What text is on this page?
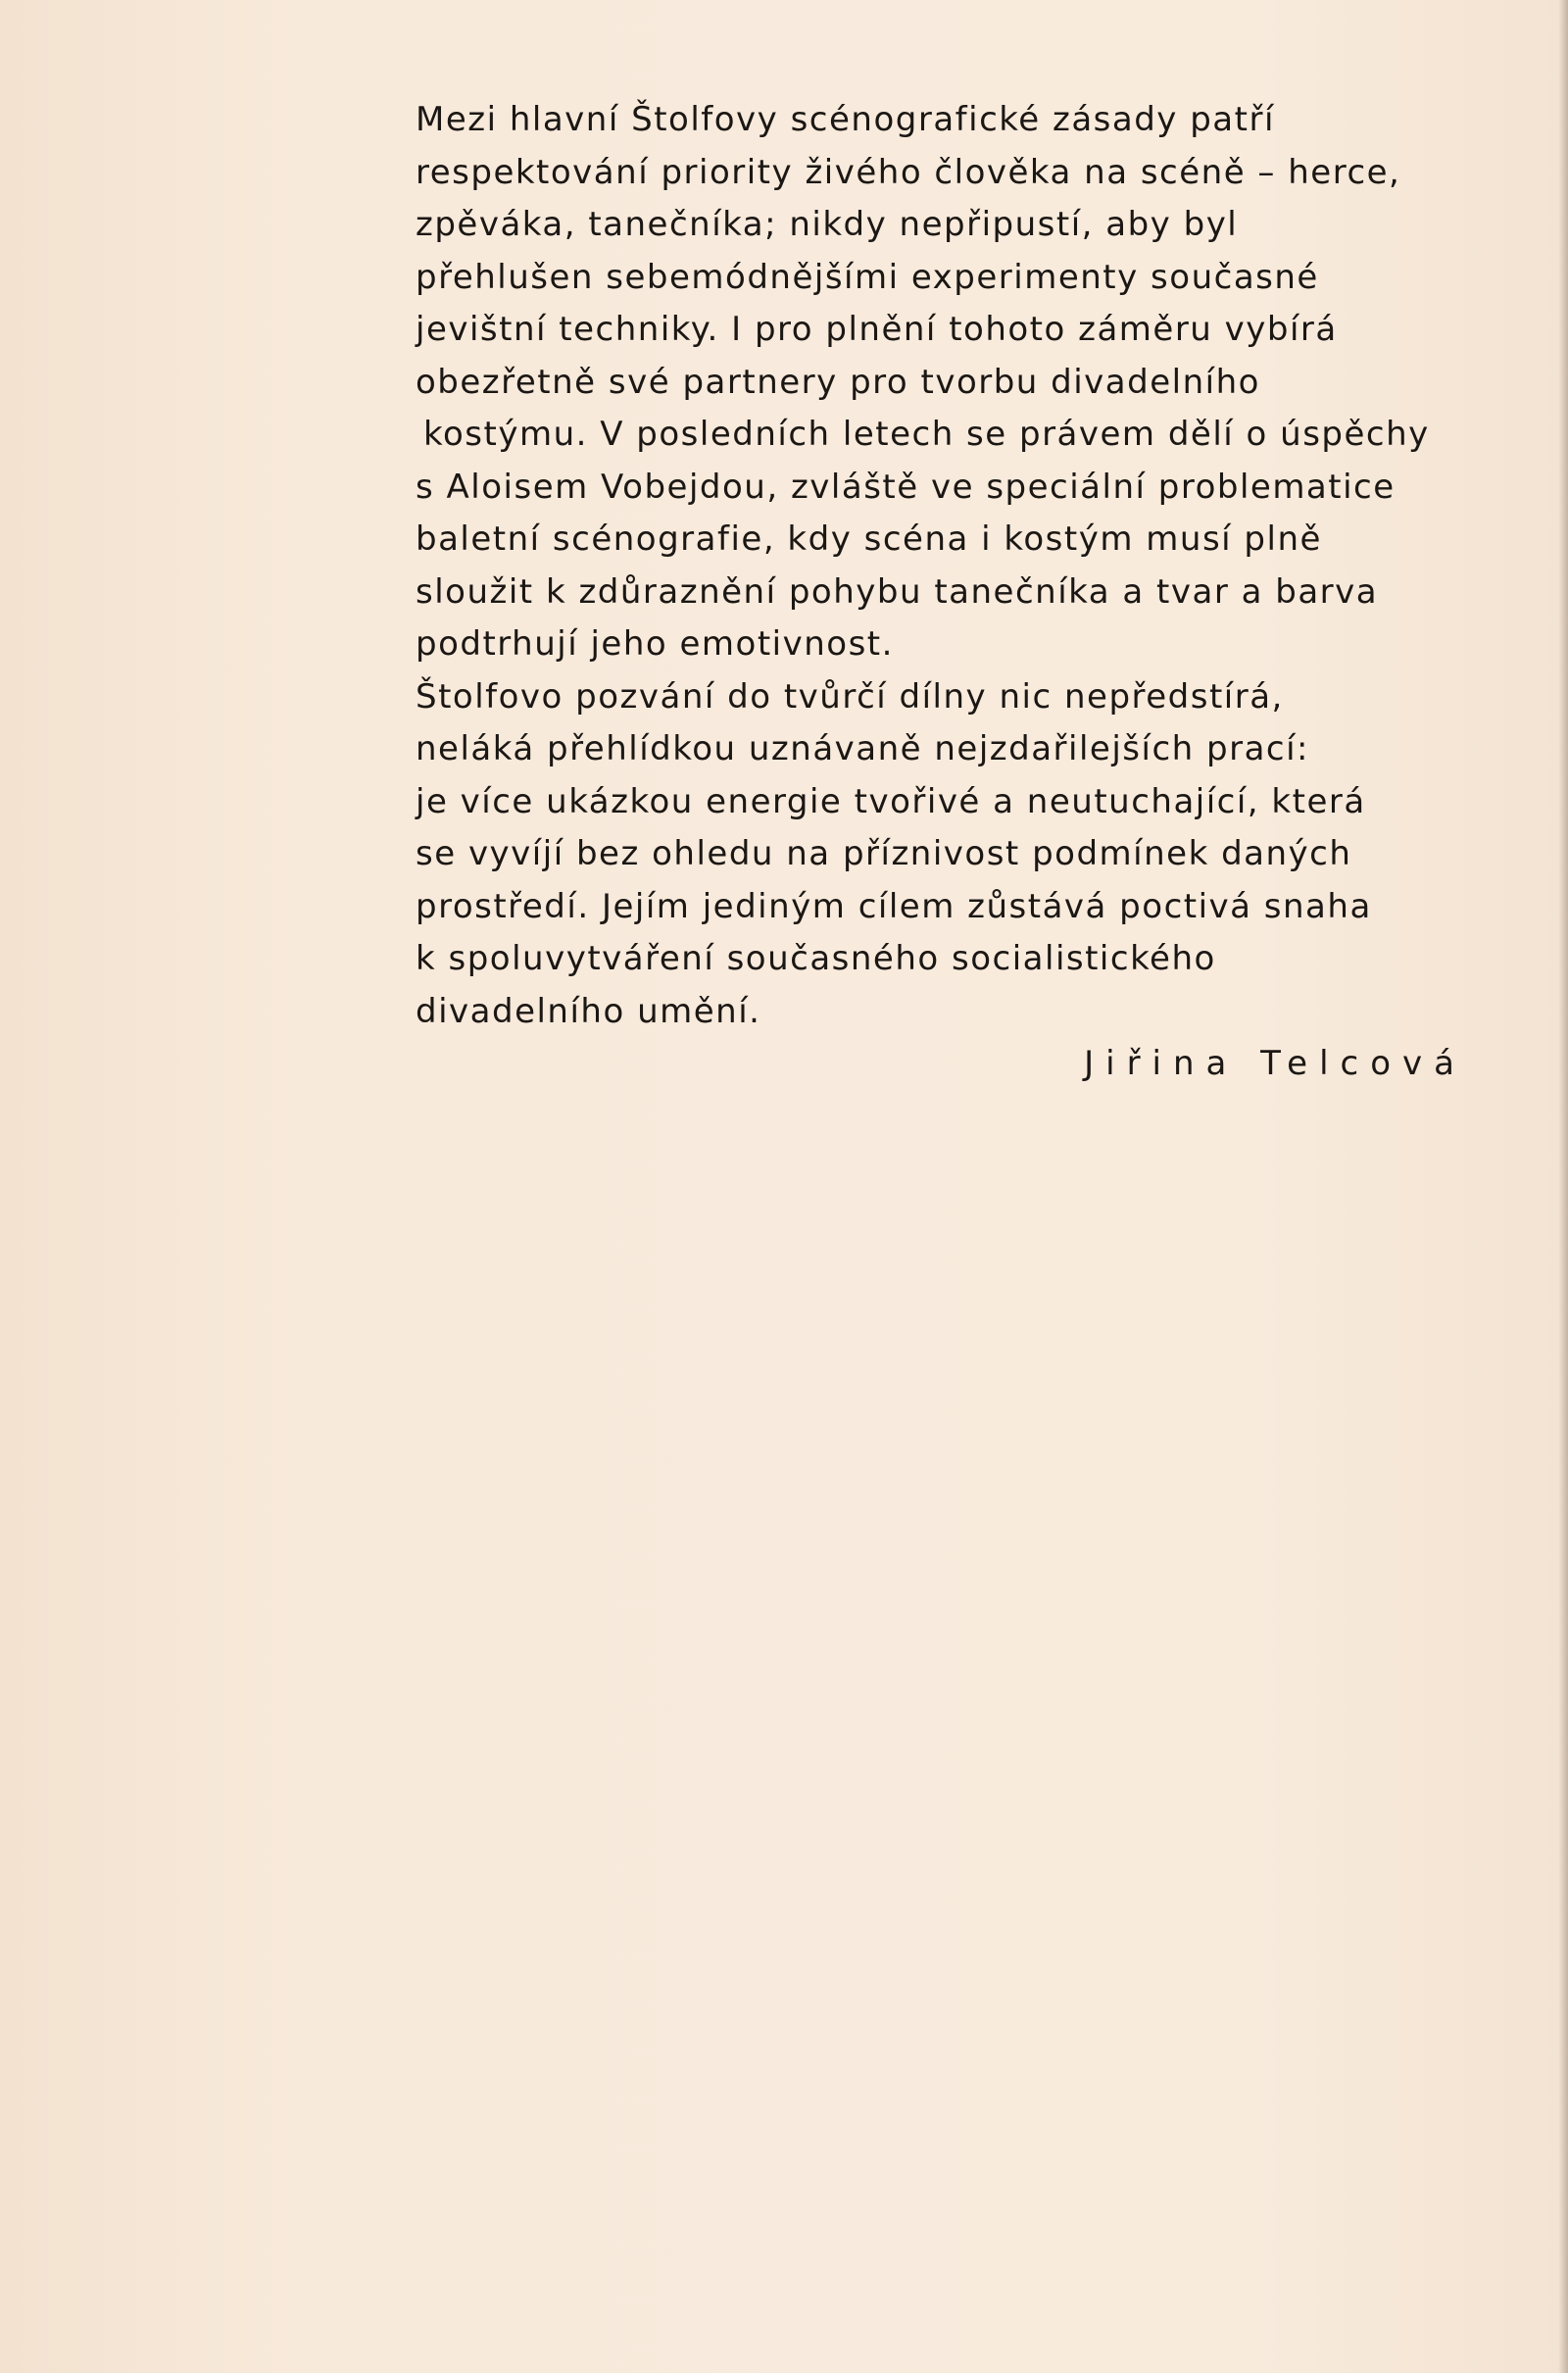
Mezi hlavní Štolfovy scénografické zásady patří
respektování priority živého člověka na scéně – herce,
zpěváka, tanečníka; nikdy nepřipustí, aby byl
přehlušen sebemódnějšími experimenty současné
jevištní techniky. I pro plnění tohoto záměru vybírá
obezřetně své partnery pro tvorbu divadelního
kostýmu. V posledních letech se právem dělí o úspěchy
s Aloisem Vobejdou, zvláště ve speciální problematice
baletní scénografie, kdy scéna i kostým musí plně
sloužit k zdůraznění pohybu tanečníka a tvar a barva
podtrhují jeho emotivnost.
Štolfovo pozvání do tvůrčí dílny nic nepředstírá,
neláká přehlídkou uznávaně nejzdařilejších prací:
je více ukázkou energie tvořivé a neutuchající, která
se vyvíjí bez ohledu na příznivost podmínek daných
prostředí. Jejím jediným cílem zůstává poctivá snaha
k spoluvytváření současného socialistického
divadelního umění.
Jiřina Telcová
